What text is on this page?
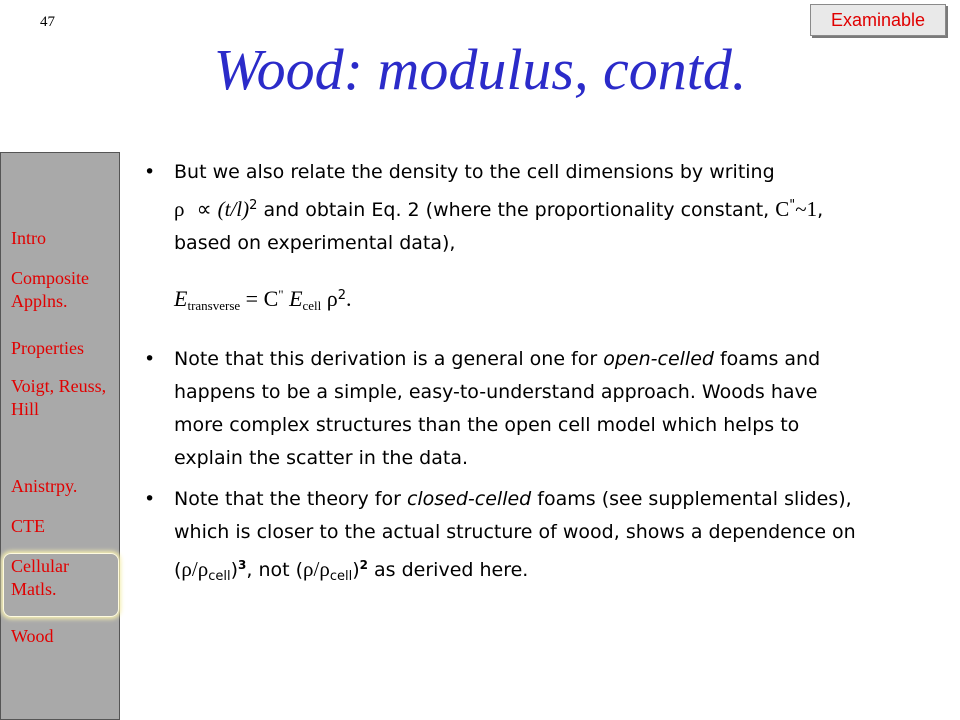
47	Examinable
Wood: modulus, contd.
Intro
Composite Applns.
Properties
Voigt, Reuss, Hill
Anistrpy.
CTE
Cellular Matls.
Wood
• But we also relate the density to the cell dimensions by writing $\rho \propto (t/l)^2$ and obtain Eq. 2 (where the proportionality constant, C"~1, based on experimental data),
$E_{transverse} = C^"$ $E_{cell}$ $\rho^2$.
• Note that this derivation is a general one for open-celled foams and happens to be a simple, easy-to-understand approach. Woods have more complex structures than the open cell model which helps to explain the scatter in the data.
• Note that the theory for closed-celled foams (see supplemental slides), which is closer to the actual structure of wood, shows a dependence on $(\rho/\rho_{cell})^3$, not $(\rho/\rho_{cell})^2$ as derived here.
